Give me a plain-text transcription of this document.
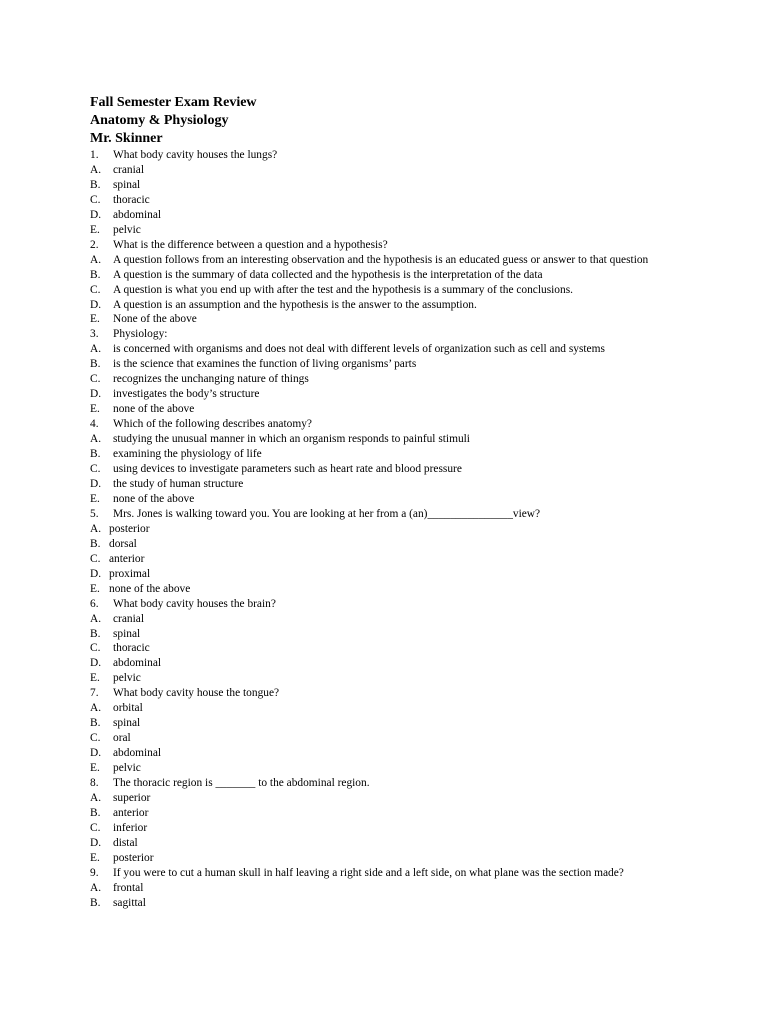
Fall Semester Exam Review
Anatomy & Physiology
Mr. Skinner
1.	What body cavity houses the lungs?
A.	cranial
B.	spinal
C.	thoracic
D.	abdominal
E.	pelvic
2.	What is the difference between a question and a hypothesis?
A.	A question follows from an interesting observation and the hypothesis is an educated guess or answer to that question
B.	A question is the summary of data collected and the hypothesis is the interpretation of the data
C.	A question is what you end up with after the test and the hypothesis is a summary of the conclusions.
D.	A question is an assumption and the hypothesis is the answer to the assumption.
E.	None of the above
3.	Physiology:
A.	is concerned with organisms and does not deal with different levels of organization such as cell and systems
B.	is the science that examines the function of living organisms’ parts
C.	recognizes the unchanging nature of things
D.	investigates the body’s structure
E.	none of the above
4.	Which of the following describes anatomy?
A.	studying the unusual manner in which an organism responds to painful stimuli
B.	examining the physiology of life
C.	using devices to investigate parameters such as heart rate and blood pressure
D.	the study of human structure
E.	none of the above
5.	Mrs. Jones is walking toward you. You are looking at her from a (an)_______________view?
A. posterior
B. dorsal
C. anterior
D. proximal
E. none of the above
6.	What body cavity houses the brain?
A.	cranial
B.	spinal
C.	thoracic
D.	abdominal
E.	pelvic
7.	What body cavity house the tongue?
A.	orbital
B.	spinal
C.	oral
D.	abdominal
E.	pelvic
8.	The thoracic region is _______ to the abdominal region.
A.	superior
B.	anterior
C.	inferior
D.	distal
E.	posterior
9.	If you were to cut a human skull in half leaving a right side and a left side, on what plane was the section made?
A.	frontal
B.	sagittal
